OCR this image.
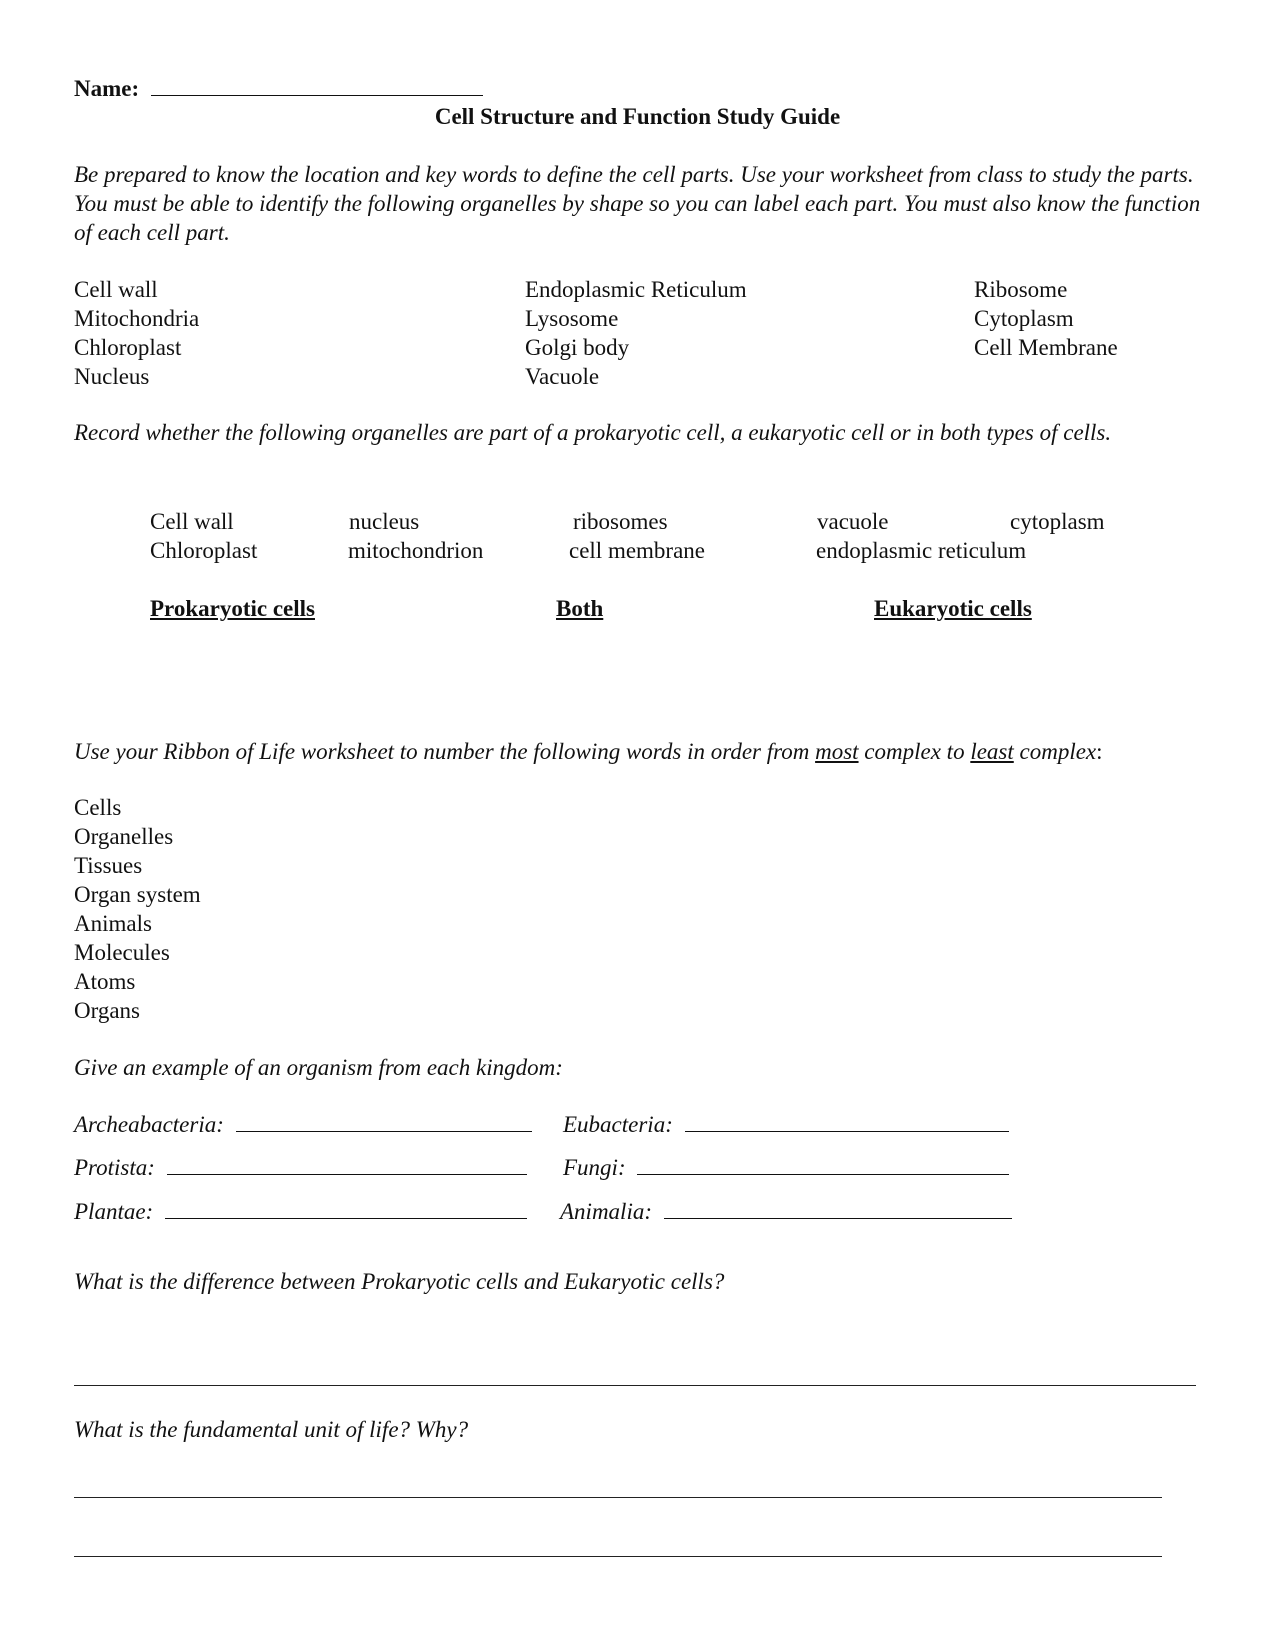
Name:
Cell Structure and Function Study Guide
Be prepared to know the location and key words to define the cell parts. Use your worksheet from class to study the parts. You must be able to identify the following organelles by shape so you can label each part. You must also know the function of each cell part.
Cell wall
Mitochondria
Chloroplast
Nucleus
Endoplasmic Reticulum
Lysosome
Golgi body
Vacuole
Ribosome
Cytoplasm
Cell Membrane
Record whether the following organelles are part of a prokaryotic cell, a eukaryotic cell or in both types of cells.
Cell wall	nucleus	ribosomes	vacuole	cytoplasm
Chloroplast	mitochondrion	cell membrane	endoplasmic reticulum
Prokaryotic cells	Both	Eukaryotic cells
Use your Ribbon of Life worksheet to number the following words in order from most complex to least complex:
Cells
Organelles
Tissues
Organ system
Animals
Molecules
Atoms
Organs
Give an example of an organism from each kingdom:
Archeabacteria:	Eubacteria:
Protista:	Fungi:
Plantae:	Animalia:
What is the difference between Prokaryotic cells and Eukaryotic cells?
What is the fundamental unit of life? Why?
